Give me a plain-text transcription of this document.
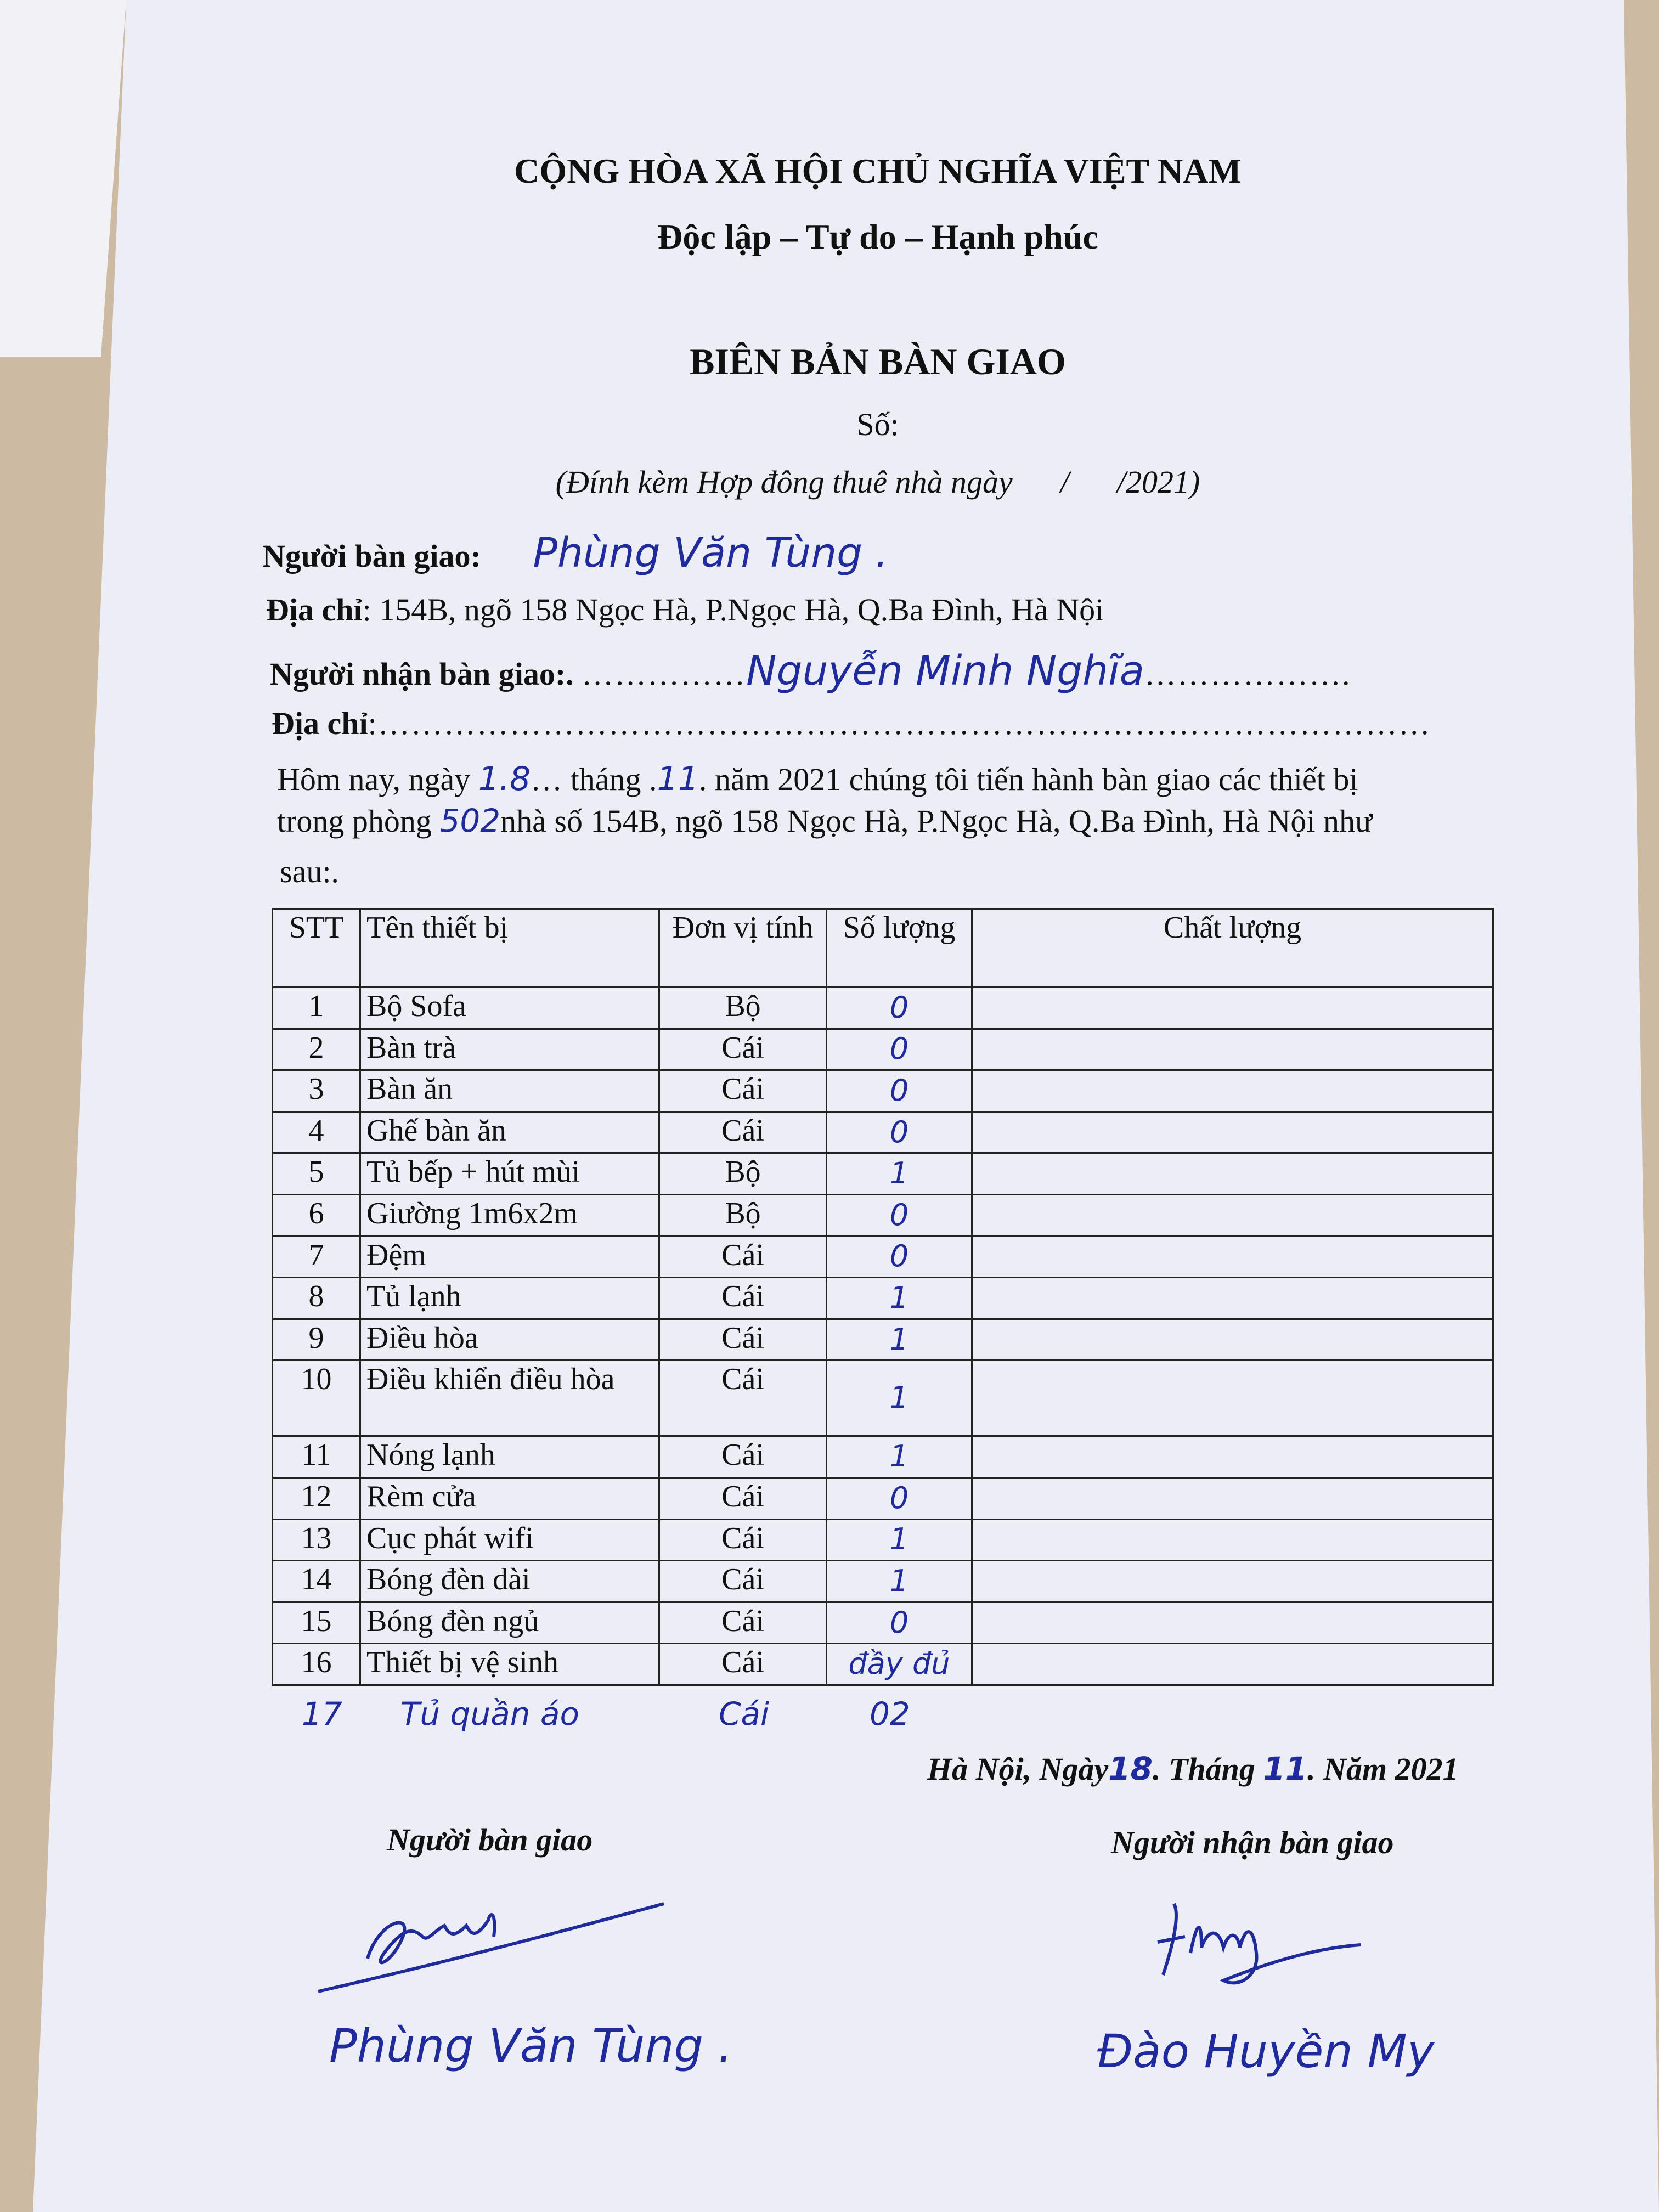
CỘNG HÒA XÃ HỘI CHỦ NGHĨA VIỆT NAM
Độc lập – Tự do – Hạnh phúc
BIÊN BẢN BÀN GIAO
Số:
(Đính kèm Hợp đông thuê nhà ngày      /      /2021)
Người bàn giao: Phùng Văn Tùng .
Địa chỉ: 154B, ngõ 158 Ngọc Hà, P.Ngọc Hà, Q.Ba Đình, Hà Nội
Người nhận bàn giao:. ……………Nguyễn Minh Nghĩa……………….
Địa chỉ:……………………………………………………………………………………
Hôm nay, ngày 1.8… tháng .11. năm 2021 chúng tôi tiến hành bàn giao các thiết bị
trong phòng 502nhà số 154B, ngõ 158 Ngọc Hà, P.Ngọc Hà, Q.Ba Đình, Hà Nội như
sau:.
STT	Tên thiết bị	Đơn vị tính	Số lượng	Chất lượng
1	Bộ Sofa	Bộ	0	
2	Bàn trà	Cái	0	
3	Bàn ăn	Cái	0	
4	Ghế bàn ăn	Cái	0	
5	Tủ bếp + hút mùi	Bộ	1	
6	Giường 1m6x2m	Bộ	0	
7	Đệm	Cái	0	
8	Tủ lạnh	Cái	1	
9	Điều hòa	Cái	1	
10	Điều khiển điều hòa	Cái	1	
11	Nóng lạnh	Cái	1	
12	Rèm cửa	Cái	0	
13	Cục phát wifi	Cái	1	
14	Bóng đèn dài	Cái	1	
15	Bóng đèn ngủ	Cái	0	
16	Thiết bị vệ sinh	Cái	đầy đủ	
17 Tủ quần áo	Cái	02
Hà Nội, Ngày18. Tháng 11. Năm 2021
Người bàn giao	Người nhận bàn giao
Phùng Văn Tùng .	Đào Huyền My
